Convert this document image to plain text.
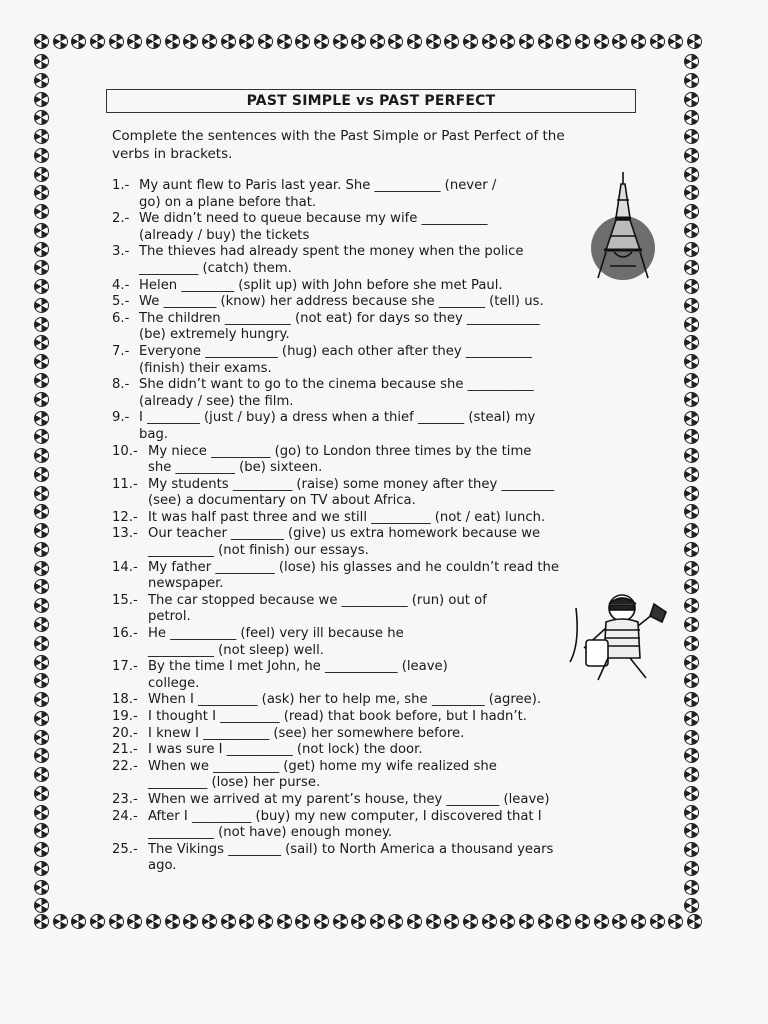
PAST SIMPLE vs PAST PERFECT
Complete the sentences with the Past Simple or Past Perfect of the
verbs in brackets.
1.- My aunt flew to Paris last year. She __________ (never /
go) on a plane before that.
2.- We didn’t need to queue because my wife __________
(already / buy) the tickets
3.- The thieves had already spent the money when the police
_________ (catch) them.
4.- Helen ________ (split up) with John before she met Paul.
5.- We ________ (know) her address because she _______ (tell) us.
6.- The children __________ (not eat) for days so they ___________
(be) extremely hungry.
7.- Everyone ___________ (hug) each other after they __________
(finish) their exams.
8.- She didn’t want to go to the cinema because she __________
(already / see) the film.
9.- I ________ (just / buy) a dress when a thief _______ (steal) my
bag.
10.- My niece _________ (go) to London three times by the time
she _________ (be) sixteen.
11.- My students _________ (raise) some money after they ________
(see) a documentary on TV about Africa.
12.- It was half past three and we still _________ (not / eat) lunch.
13.- Our teacher ________ (give) us extra homework because we
__________ (not finish) our essays.
14.- My father _________ (lose) his glasses and he couldn’t read the
newspaper.
15.- The car stopped because we __________ (run) out of
petrol.
16.- He __________ (feel) very ill because he
__________ (not sleep) well.
17.- By the time I met John, he ___________ (leave)
college.
18.- When I _________ (ask) her to help me, she ________ (agree).
19.- I thought I _________ (read) that book before, but I hadn’t.
20.- I knew I __________ (see) her somewhere before.
21.- I was sure I __________ (not lock) the door.
22.- When we __________ (get) home my wife realized she
_________ (lose) her purse.
23.- When we arrived at my parent’s house, they ________ (leave)
24.- After I _________ (buy) my new computer, I discovered that I
__________ (not have) enough money.
25.- The Vikings ________ (sail) to North America a thousand years
ago.
